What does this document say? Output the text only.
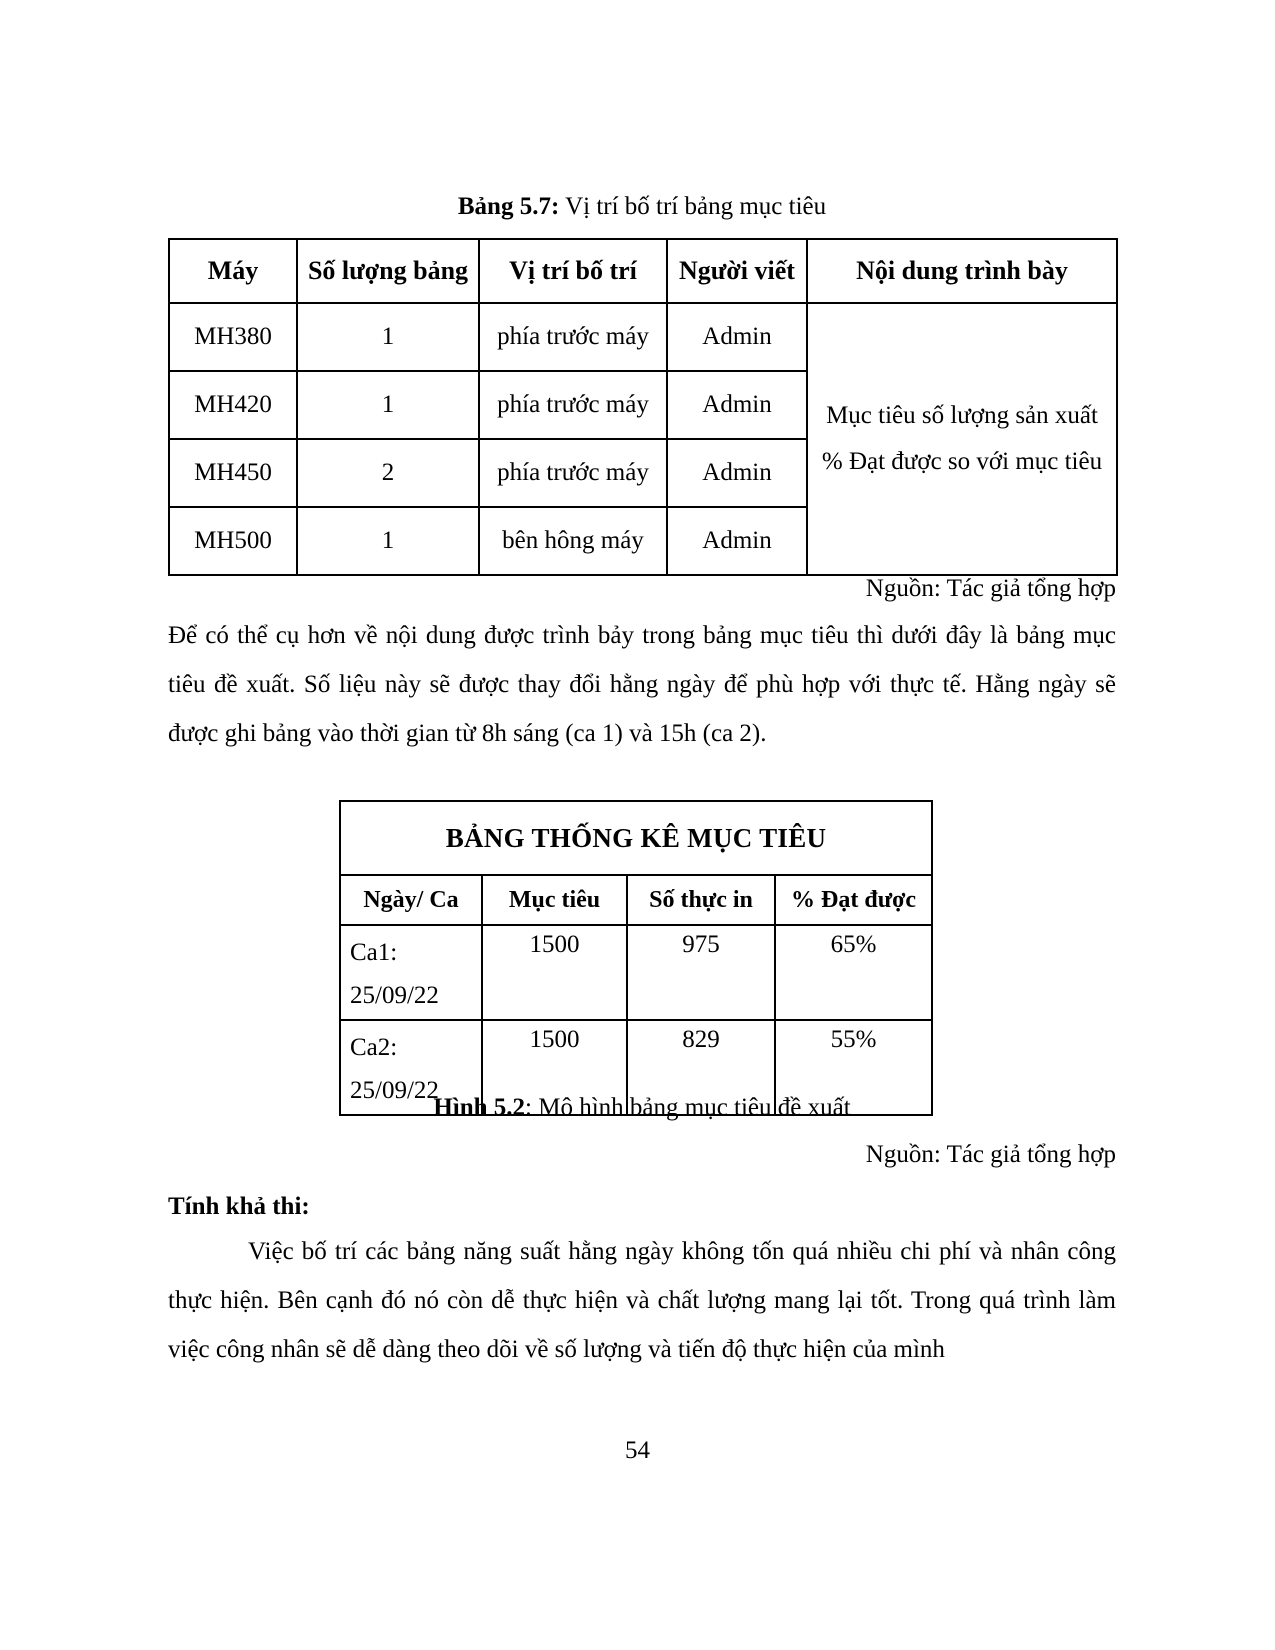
Bảng 5.7: Vị trí bố trí bảng mục tiêu
Máy	Số lượng bảng	Vị trí bố trí	Người viết	Nội dung trình bày
MH380	1	phía trước máy	Admin	Mục tiêu số lượng sản xuất
% Đạt được so với mục tiêu

MH420	1	phía trước máy	Admin	
MH450	2	phía trước máy	Admin	
MH500	1	bên hông máy	Admin	
Nguồn: Tác giả tổng hợp
Để có thể cụ hơn về nội dung được trình bảy trong bảng mục tiêu thì dưới đây là bảng mục tiêu đề xuất. Số liệu này sẽ được thay đổi hằng ngày để phù hợp với thực tế. Hằng ngày sẽ được ghi bảng vào thời gian từ 8h sáng (ca 1) và 15h (ca 2).
BẢNG THỐNG KÊ MỤC TIÊU			
Ngày/ Ca	Mục tiêu	Số thực in	% Đạt được

Ca1:
25/09/22	1500	975	65%

Ca2:
25/09/22	1500	829	55%
Hình 5.2: Mô hình bảng mục tiêu đề xuất
Nguồn: Tác giả tổng hợp
Tính khả thi:
Việc bố trí các bảng năng suất hằng ngày không tốn quá nhiều chi phí và nhân công thực hiện. Bên cạnh đó nó còn dễ thực hiện và chất lượng mang lại tốt. Trong quá trình làm việc công nhân sẽ dễ dàng theo dõi về số lượng và tiến độ thực hiện của mình
54
